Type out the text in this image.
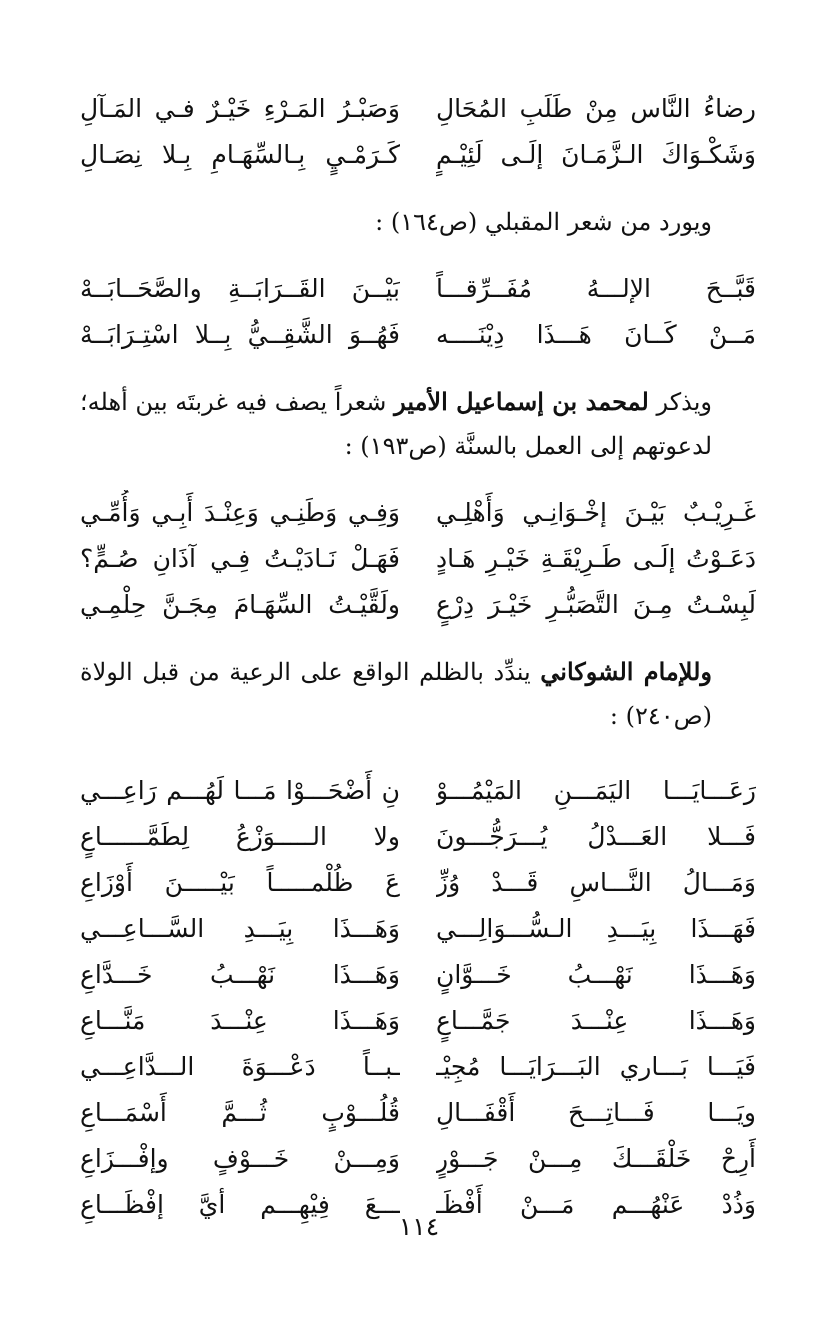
رضاءُ النَّاس مِنْ طَلَبِ المُحَالِ
وَصَبْـرُ المَـرْءِ خَيْـرٌ فـي المَـآلِ
وَشَكْـوَاكَ الـزَّمَـانَ إلَـى لَئِيْـمٍ
كَـرَمْـيٍ بِـالسِّهَـامِ بِـلا نِصَـالِ
ويورد من شعر المقبلي (ص١٦٤) :
قَبَّــحَ الإلـــهُ مُفَــرِّقـــاً
بَيْــنَ القَــرَابَــةِ والصَّحَــابَــهْ
مَــنْ كَــانَ هَـــذَا دِيْنَــــه
فَهُــوَ الشَّقِــيُّ بِــلا اسْتِـرَابَــهْ
ويذكر لمحمد بن إسماعيل الأمير شعراً يصف فيه غربتَه بين أهله؛ لدعوتهم إلى العمل بالسنَّة (ص١٩٣) :
غَـرِيْـبٌ بَيْـنَ إخْـوَانِـي وَأَهْلِـي
وَفِـي وَطَنِـي وَعِنْـدَ أَبِـي وَأُمِّـي
دَعَـوْتُ إلَـى طَـرِيْقَـةِ خَيْـرِ هَـادٍ
فَهَـلْ نَـادَيْـتُ فِـي آذَانِ صُـمٍّ؟
لَبِسْـتُ مِـنَ التَّصَبُّـرِ خَيْـرَ دِرْعٍ
ولَقَّيْـتُ السِّهَـامَ مِجَـنَّ حِلْمِـي
وللإمام الشوكاني يندِّد بالظلم الواقع على الرعية من قبل الولاة (ص٢٤٠) :
رَعَـــايَـــا اليَمَـــنِ المَيْمُـــوْ
نِ أَضْحَـــوْا مَـــا لَهُـــم رَاعِـــي
فَـــلا العَـــدْلُ يُـــرَجُّـــونَ
ولا الـــــوَزْعُ لِطَمَّــــــاعٍ
وَمَـــالُ النَّـــاسِ قَـــدْ وُزِّ
عَ ظُلْمـــــاً بَيْـــــنَ أَوْزَاعِ
فَهَـــذَا بِيَـــدِ الـسُّـــوَالِـــي
وَهَـــذَا بِيَـــدِ السَّـــاعِـــي
وَهَـــذَا نَهْـــبُ خَـــوَّانٍ
وَهَـــذَا نَهْـــبُ خَـــدَّاعِ
وَهَـــذَا عِنْـــدَ جَمَّـــاعٍ
وَهَـــذَا عِنْـــدَ مَنَّـــاعِ
فَيَـــا بَـــاري البَـــرَايَـــا مُجِيْـ
ـبــاً دَعْـــوَةَ الـــدَّاعِـــي
ويَـــا فَـــاتِـــحَ أَقْفَـــالِ
قُلُـــوْبٍ ثُـــمَّ أَسْمَـــاعِ
أَرِحْ خَلْقَـــكَ مِـــنْ جَـــوْرٍ
وَمِـــنْ خَـــوْفٍ وإفْـــزَاعِ
وَذُدْ عَنْهُـــم مَـــنْ أَفْظَـ
ـــعَ فِيْهِـــم أيَّ إفْظَـــاعِ
١١٤
